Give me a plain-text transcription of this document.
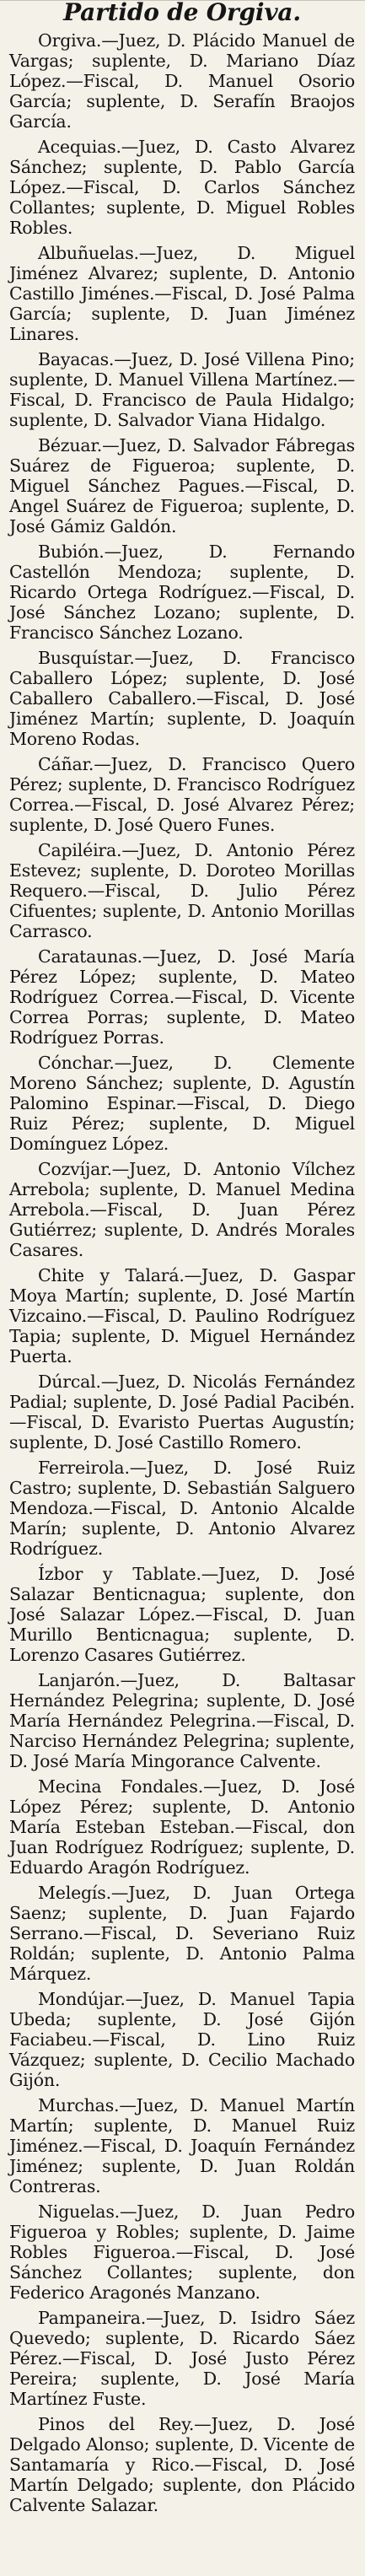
Partido de Orgiva.

Orgiva.—Juez, D. Plácido Manuel de Vargas; suplente, D. Mariano Díaz López.—Fiscal, D. Manuel Osorio García; suplente, D. Serafín Braojos García.

Acequias.—Juez, D. Casto Alvarez Sánchez; suplente, D. Pablo García López.—Fiscal, D. Carlos Sánchez Collantes; suplente, D. Miguel Robles Robles.

Albuñuelas.—Juez, D. Miguel Jiménez Alvarez; suplente, D. Antonio Castillo Jiménes.—Fiscal, D. José Palma García; suplente, D. Juan Jiménez Linares.

Bayacas.—Juez, D. José Villena Pino; suplente, D. Manuel Villena Martínez.—Fiscal, D. Francisco de Paula Hidalgo; suplente, D. Salvador Viana Hidalgo.

Bézuar.—Juez, D. Salvador Fábregas Suárez de Figueroa; suplente, D. Miguel Sánchez Pagues.—Fiscal, D. Angel Suárez de Figueroa; suplente, D. José Gámiz Galdón.

Bubión.—Juez, D. Fernando Castellón Mendoza; suplente, D. Ricardo Ortega Rodríguez.—Fiscal, D. José Sánchez Lozano; suplente, D. Francisco Sánchez Lozano.

Busquístar.—Juez, D. Francisco Caballero López; suplente, D. José Caballero Caballero.—Fiscal, D. José Jiménez Martín; suplente, D. Joaquín Moreno Rodas.

Cáñar.—Juez, D. Francisco Quero Pérez; suplente, D. Francisco Rodríguez Correa.—Fiscal, D. José Alvarez Pérez; suplente, D. José Quero Funes.

Capiléira.—Juez, D. Antonio Pérez Estevez; suplente, D. Doroteo Morillas Requero.—Fiscal, D. Julio Pérez Cifuentes; suplente, D. Antonio Morillas Carrasco.

Carataunas.—Juez, D. José María Pérez López; suplente, D. Mateo Rodríguez Correa.—Fiscal, D. Vicente Correa Porras; suplente, D. Mateo Rodríguez Porras.

Cónchar.—Juez, D. Clemente Moreno Sánchez; suplente, D. Agustín Palomino Espinar.—Fiscal, D. Diego Ruiz Pérez; suplente, D. Miguel Domínguez López.

Cozvíjar.—Juez, D. Antonio Vílchez Arrebola; suplente, D. Manuel Medina Arrebola.—Fiscal, D. Juan Pérez Gutiérrez; suplente, D. Andrés Morales Casares.

Chite y Talará.—Juez, D. Gaspar Moya Martín; suplente, D. José Martín Vizcaino.—Fiscal, D. Paulino Rodríguez Tapia; suplente, D. Miguel Hernández Puerta.

Dúrcal.—Juez, D. Nicolás Fernández Padial; suplente, D. José Padial Pacibén.—Fiscal, D. Evaristo Puertas Augustín; suplente, D. José Castillo Romero.

Ferreirola.—Juez, D. José Ruiz Castro; suplente, D. Sebastián Salguero Mendoza.—Fiscal, D. Antonio Alcalde Marín; suplente, D. Antonio Alvarez Rodríguez.

Ízbor y Tablate.—Juez, D. José Salazar Benticnagua; suplente, don José Salazar López.—Fiscal, D. Juan Murillo Benticnagua; suplente, D. Lorenzo Casares Gutiérrez.

Lanjarón.—Juez, D. Baltasar Hernández Pelegrina; suplente, D. José María Hernández Pelegrina.—Fiscal, D. Narciso Hernández Pelegrina; suplente, D. José María Mingorance Calvente.

Mecina Fondales.—Juez, D. José López Pérez; suplente, D. Antonio María Esteban Esteban.—Fiscal, don Juan Rodríguez Rodríguez; suplente, D. Eduardo Aragón Rodríguez.

Melegís.—Juez, D. Juan Ortega Saenz; suplente, D. Juan Fajardo Serrano.—Fiscal, D. Severiano Ruiz Roldán; suplente, D. Antonio Palma Márquez.

Mondújar.—Juez, D. Manuel Tapia Ubeda; suplente, D. José Gijón Faciabeu.—Fiscal, D. Lino Ruiz Vázquez; suplente, D. Cecilio Machado Gijón.

Murchas.—Juez, D. Manuel Martín Martín; suplente, D. Manuel Ruiz Jiménez.—Fiscal, D. Joaquín Fernández Jiménez; suplente, D. Juan Roldán Contreras.

Niguelas.—Juez, D. Juan Pedro Figueroa y Robles; suplente, D. Jaime Robles Figueroa.—Fiscal, D. José Sánchez Collantes; suplente, don Federico Aragonés Manzano.

Pampaneira.—Juez, D. Isidro Sáez Quevedo; suplente, D. Ricardo Sáez Pérez.—Fiscal, D. José Justo Pérez Pereira; suplente, D. José María Martínez Fuste.

Pinos del Rey.—Juez, D. José Delgado Alonso; suplente, D. Vicente de Santamaría y Rico.—Fiscal, D. José Martín Delgado; suplente, don Plácido Calvente Salazar.
